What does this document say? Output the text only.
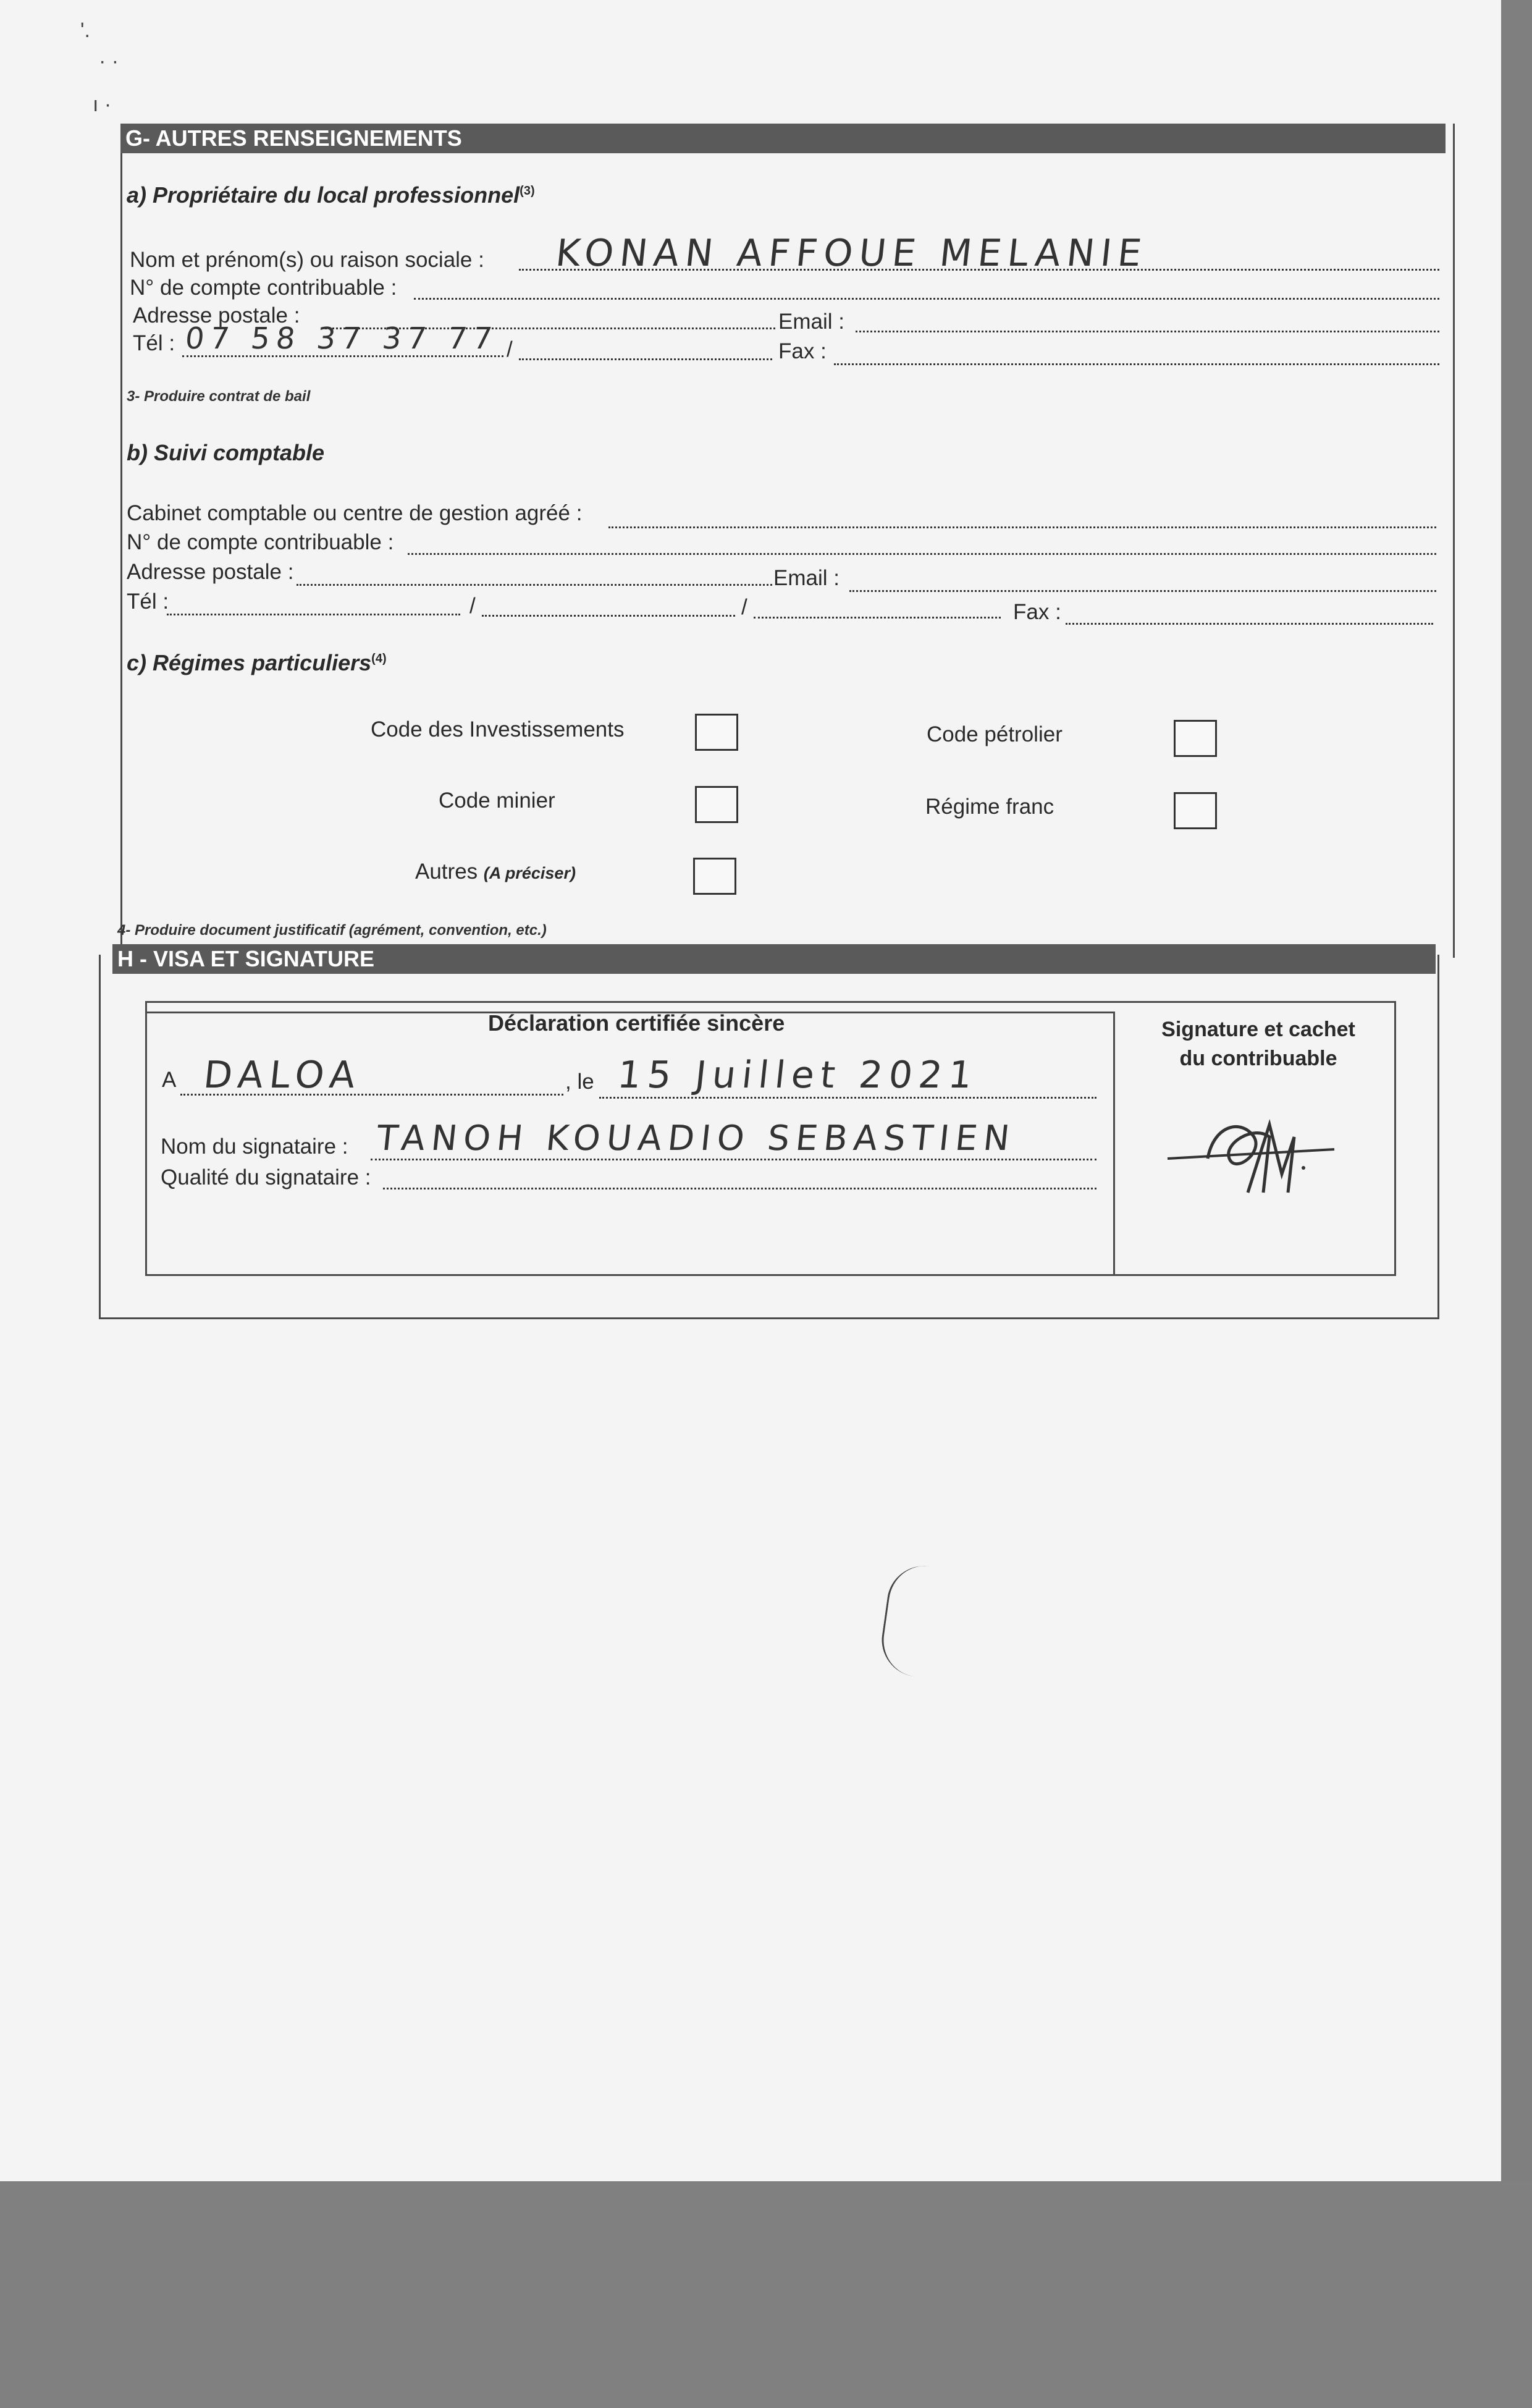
ʹ.
· ·
ı ·
G- AUTRES RENSEIGNEMENTS
a) Propriétaire du local professionnel$^{(3)}$
Nom et prénom(s) ou raison sociale : KONAN AFFOUE MELANIE
N° de compte contribuable :
Adresse postale :	Email :
Tél : 07 58 37 37 77 /	Fax :
3- Produire contrat de bail
b) Suivi comptable
Cabinet comptable ou centre de gestion agréé :
N° de compte contribuable :
Adresse postale :	Email :
Tél :	/	/	Fax :
c) Régimes particuliers$^{(4)}$
Code des Investissements	Code pétrolier
Code minier	Régime franc
Autres (A préciser)
4- Produire document justificatif (agrément, convention, etc.)
H - VISA ET SIGNATURE
Déclaration certifiée sincère
A DALOA	, le 15 Juillet 2021
Nom du signataire : TANOH KOUADIO SEBASTIEN
Qualité du signataire :
Signature et cachet
du contribuable
